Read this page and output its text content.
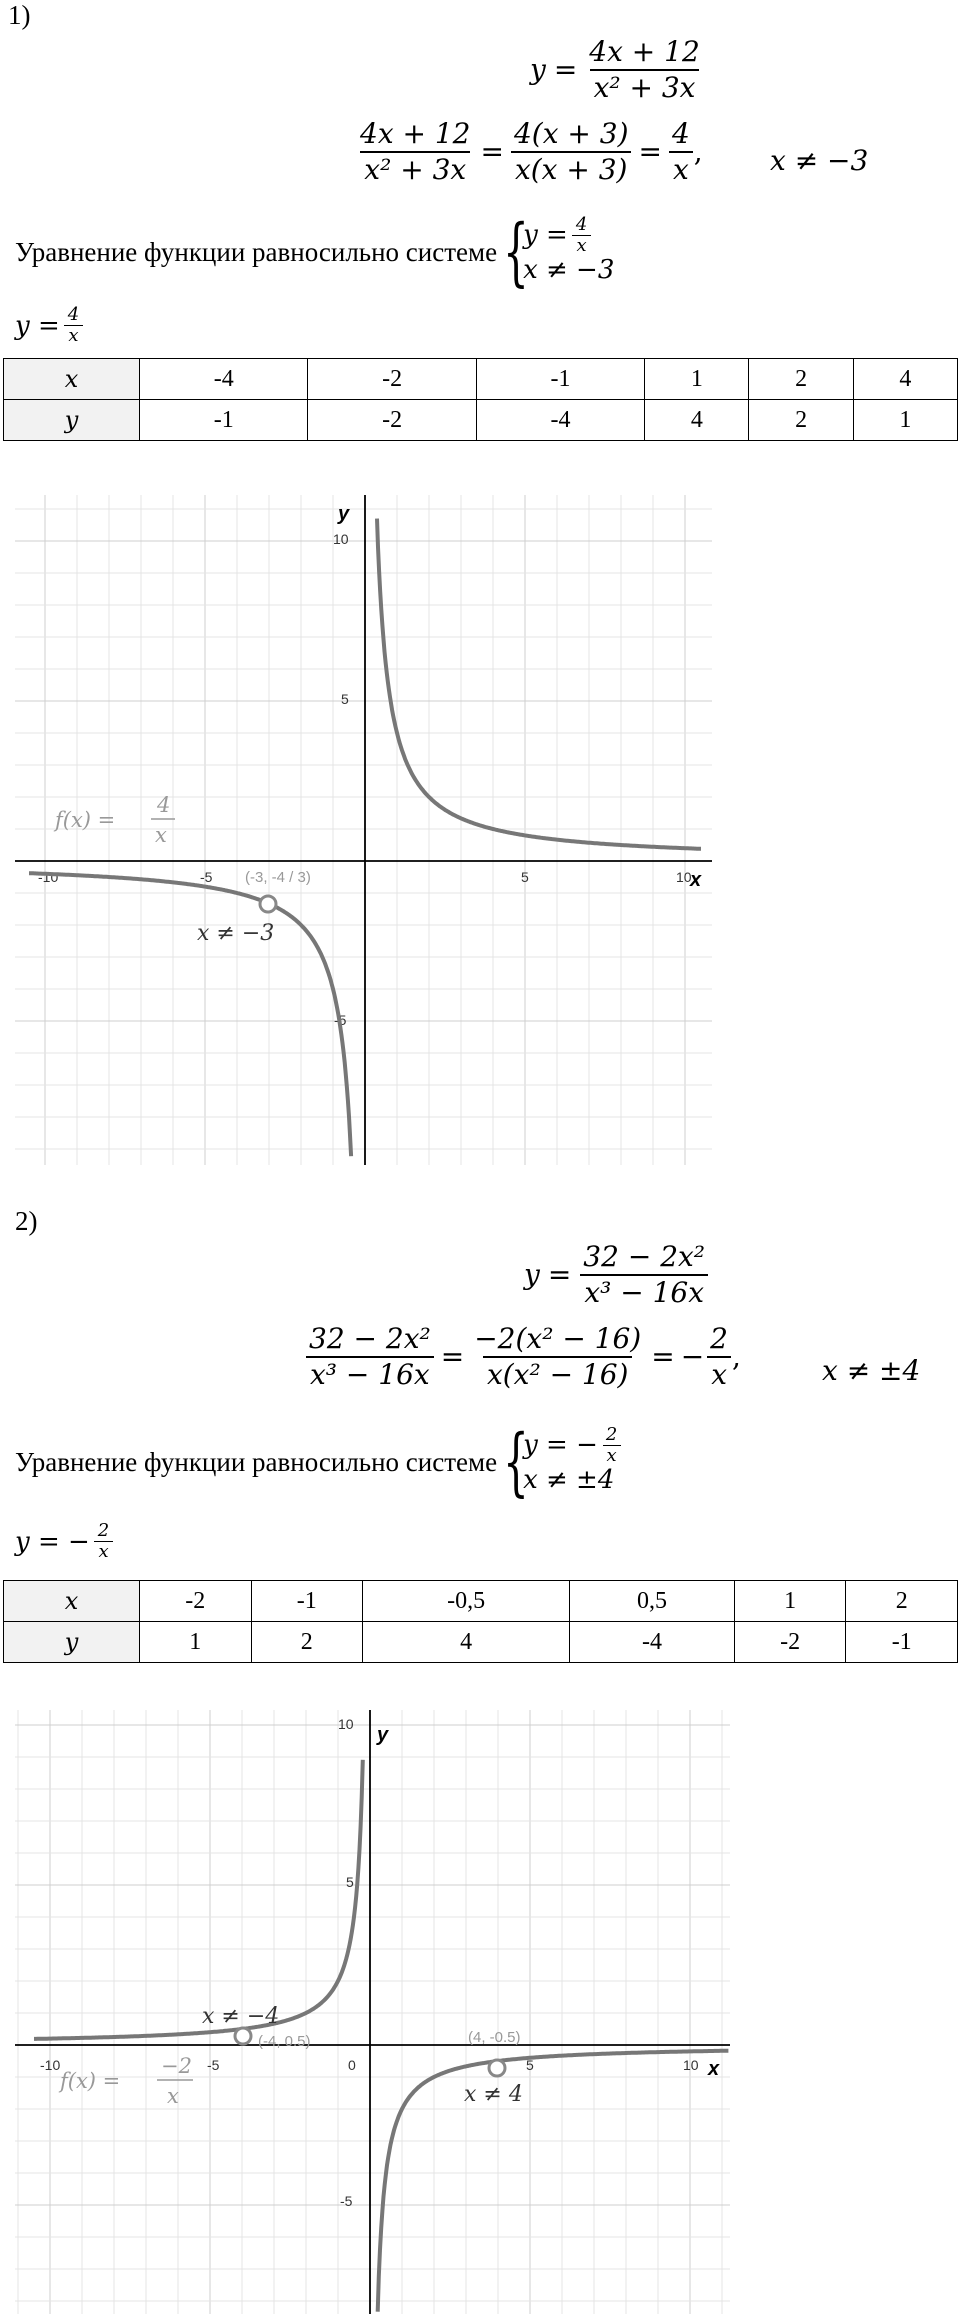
1)
$y = \frac{4x + 12}{\text{x² + 3x}}$
$\frac{4x + 12}{\text{x² + 3x}} = \frac{4(x + 3)}{x(x + 3)} = \frac{4}{x}$ , x ≠ −3
Уравнение функции равносильно системе {
$y = \frac{4}{x}$
x ≠ −3
$y = \frac{4}{x}$
x	-4	-2	-1	1	2	4
y	-1	-2	-4	4	2	1
y
x
-10	-5	5	10
10
5
-5
(-3, -4 / 3)
x ≠ −3
f(x) =
4
x
2)
$y = \frac{\text{32 − 2x²}}{\text{x³ − 16x}}$
$\frac{\text{32 − 2x²}}{\text{x³ − 16x}} = \frac{\text{−2(x² − 16)}}{\text{x(x² − 16)}}$ = − $\frac{2}{x}$ ,	x ≠ ±4
Уравнение функции равносильно системе {
y = − $\frac{2}{x}$
x ≠ ±4
y = − $\frac{2}{x}$
x	-2	-1	-0,5	0,5	1	2
y	1	2	4	-4	-2	-1
y
x
0
-10	-5	5	10
10
5
-5
(-4, 0.5)
x ≠ −4
(4, -0.5)
x ≠ 4
f(x) =
−2
x
